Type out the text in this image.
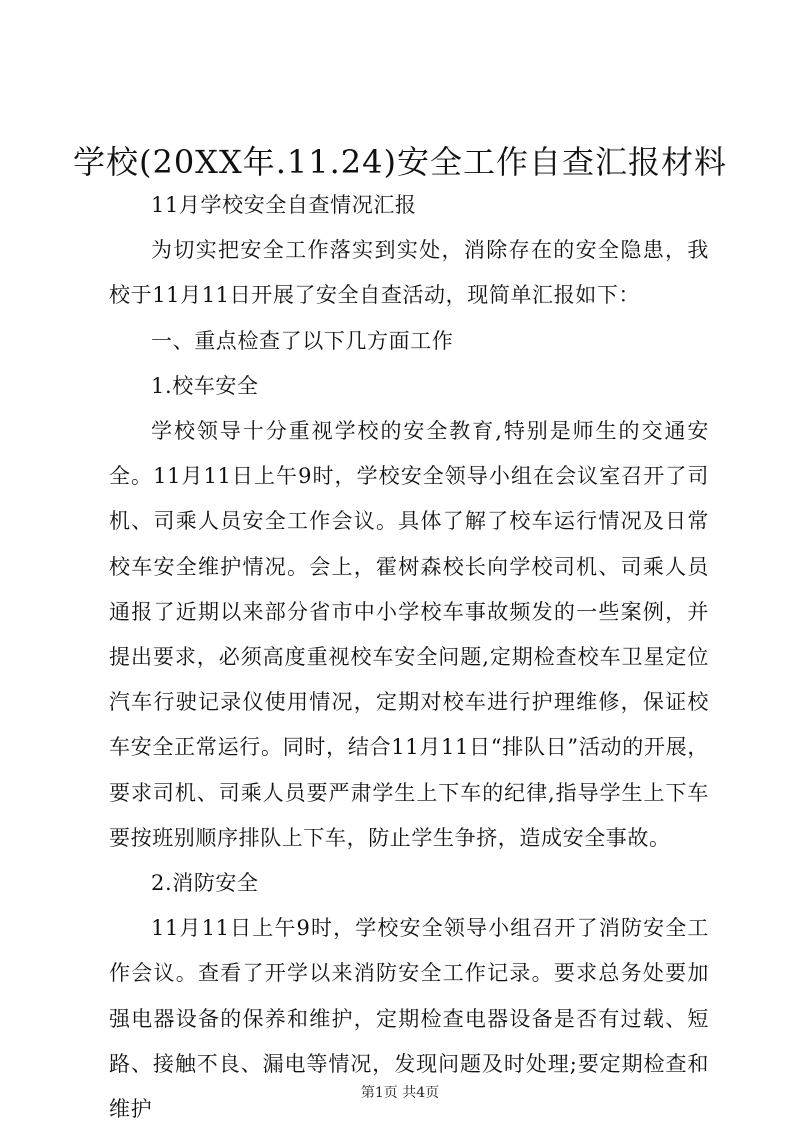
学校(20XX年.11.24)安全工作自查汇报材料

11月学校安全自查情况汇报

为切实把安全工作落实到实处，消除存在的安全隐患，我校于11月11日开展了安全自查活动，现简单汇报如下：

一、重点检查了以下几方面工作

1.校车安全

学校领导十分重视学校的安全教育,特别是师生的交通安全。11月11日上午9时，学校安全领导小组在会议室召开了司机、司乘人员安全工作会议。具体了解了校车运行情况及日常校车安全维护情况。会上，霍树森校长向学校司机、司乘人员通报了近期以来部分省市中小学校车事故频发的一些案例，并提出要求，必须高度重视校车安全问题,定期检查校车卫星定位汽车行驶记录仪使用情况，定期对校车进行护理维修，保证校车安全正常运行。同时，结合11月11日“排队日”活动的开展，要求司机、司乘人员要严肃学生上下车的纪律,指导学生上下车要按班别顺序排队上下车，防止学生争挤，造成安全事故。

2.消防安全

11月11日上午9时，学校安全领导小组召开了消防安全工作会议。查看了开学以来消防安全工作记录。要求总务处要加强电器设备的保养和维护，定期检查电器设备是否有过载、短路、接触不良、漏电等情况，发现问题及时处理;要定期检查和维护

第1页 共4页
